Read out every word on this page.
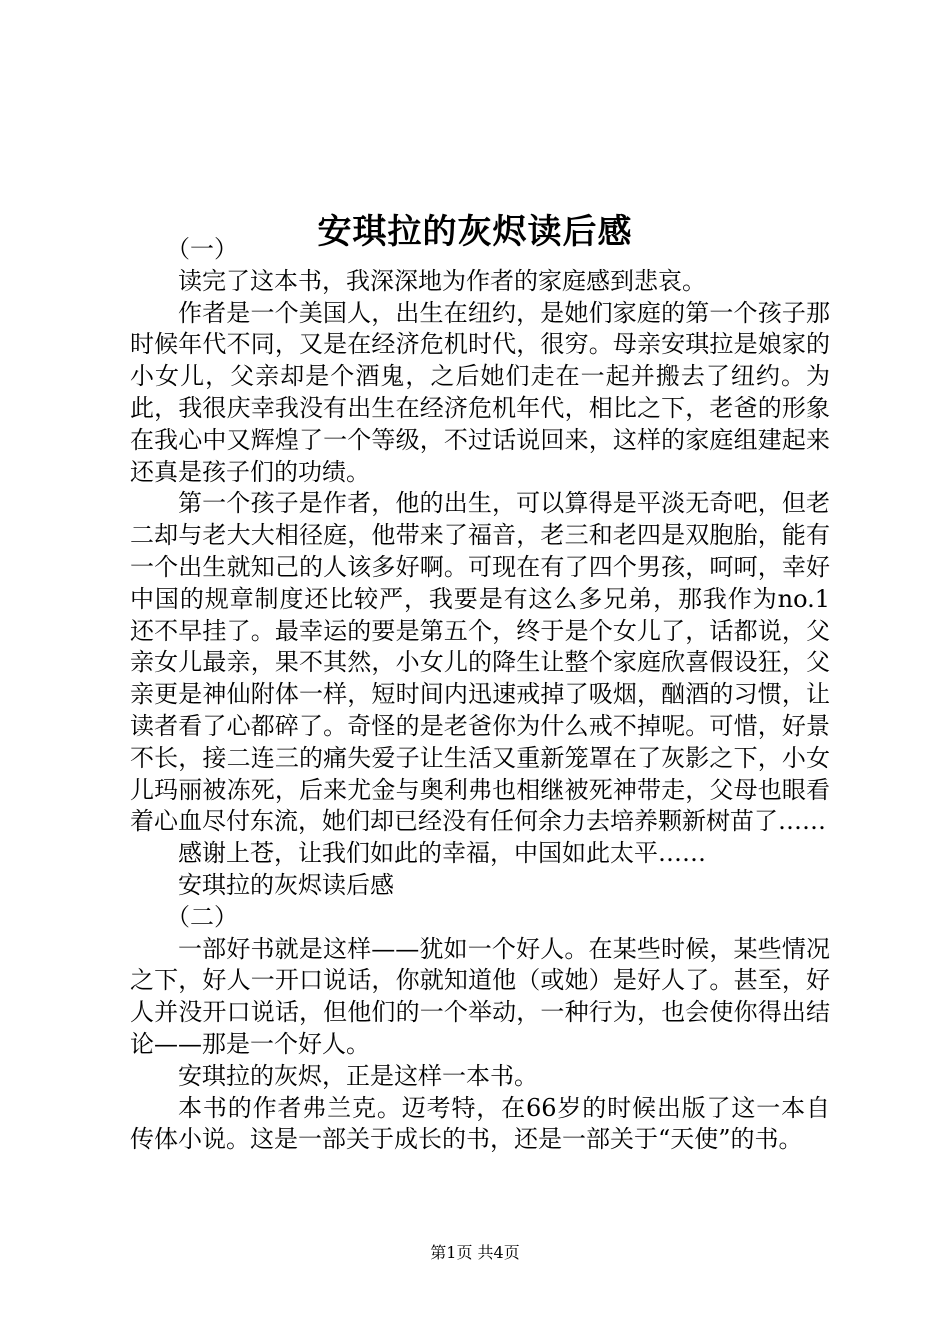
安琪拉的灰烬读后感

（一）

读完了这本书，我深深地为作者的家庭感到悲哀。

作者是一个美国人，出生在纽约，是她们家庭的第一个孩子那时候年代不同，又是在经济危机时代，很穷。母亲安琪拉是娘家的小女儿，父亲却是个酒鬼，之后她们走在一起并搬去了纽约。为此，我很庆幸我没有出生在经济危机年代，相比之下，老爸的形象在我心中又辉煌了一个等级，不过话说回来，这样的家庭组建起来还真是孩子们的功绩。

第一个孩子是作者，他的出生，可以算得是平淡无奇吧，但老二却与老大大相径庭，他带来了福音，老三和老四是双胞胎，能有一个出生就知己的人该多好啊。可现在有了四个男孩，呵呵，幸好中国的规章制度还比较严，我要是有这么多兄弟，那我作为no.1还不早挂了。最幸运的要是第五个，终于是个女儿了，话都说，父亲女儿最亲，果不其然，小女儿的降生让整个家庭欣喜假设狂，父亲更是神仙附体一样，短时间内迅速戒掉了吸烟，酗酒的习惯，让读者看了心都碎了。奇怪的是老爸你为什么戒不掉呢。可惜，好景不长，接二连三的痛失爱子让生活又重新笼罩在了灰影之下，小女儿玛丽被冻死，后来尤金与奥利弗也相继被死神带走，父母也眼看着心血尽付东流，她们却已经没有任何余力去培养颗新树苗了……

感谢上苍，让我们如此的幸福，中国如此太平……

安琪拉的灰烬读后感

（二）

一部好书就是这样——犹如一个好人。在某些时候，某些情况之下，好人一开口说话，你就知道他（或她）是好人了。甚至，好人并没开口说话，但他们的一个举动，一种行为，也会使你得出结论——那是一个好人。

安琪拉的灰烬，正是这样一本书。

本书的作者弗兰克。迈考特，在66岁的时候出版了这一本自传体小说。这是一部关于成长的书，还是一部关于“天使”的书。

第1页 共4页
